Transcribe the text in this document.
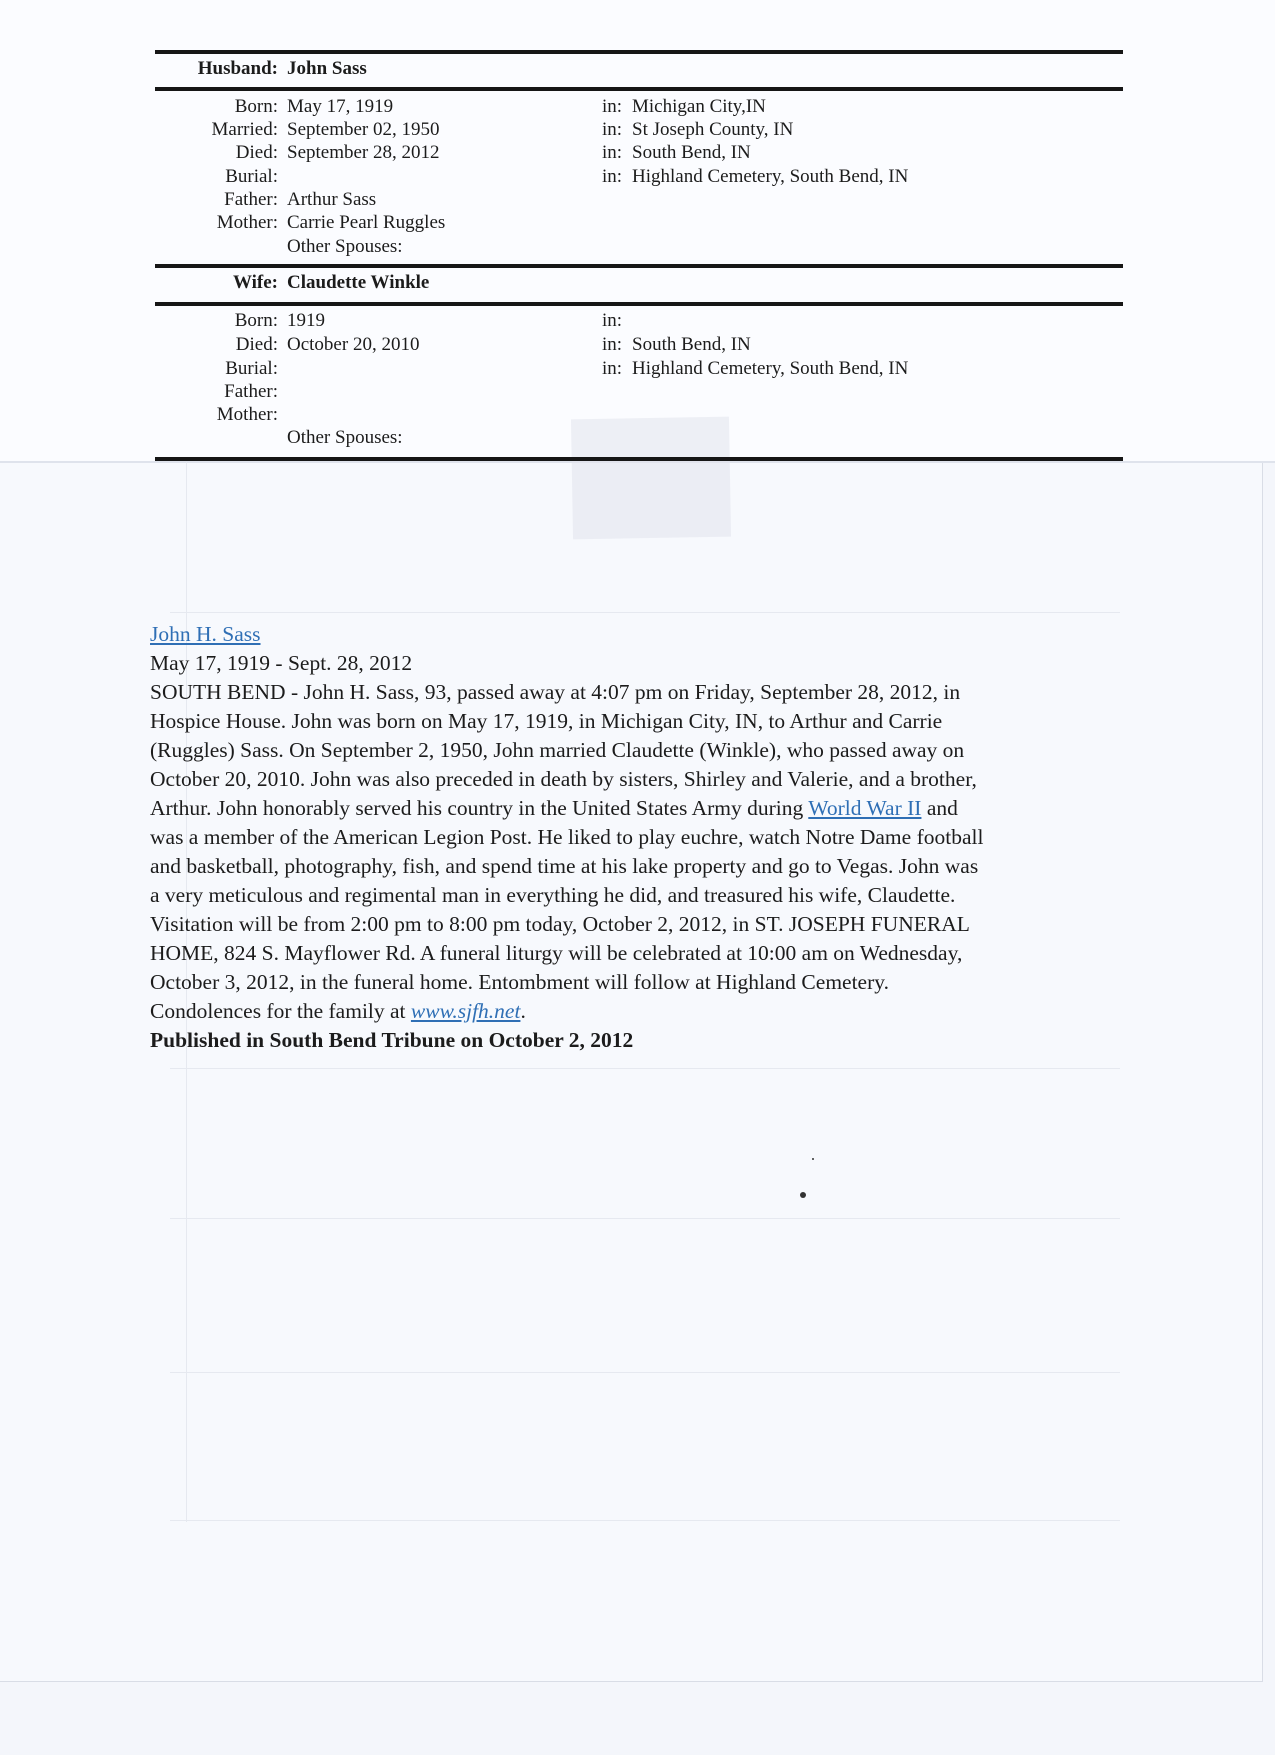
Husband: John Sass
Born: May 17, 1919	in: Michigan City,IN
Married: September 02, 1950	in: St Joseph County, IN
Died: September 28, 2012	in: South Bend, IN
Burial:	in: Highland Cemetery, South Bend, IN
Father: Arthur Sass
Mother: Carrie Pearl Ruggles
Other Spouses:
Wife: Claudette Winkle
Born: 1919	in:
Died: October 20, 2010	in: South Bend, IN
Burial:	in: Highland Cemetery, South Bend, IN
Father:
Mother:
Other Spouses:
John H. Sass
May 17, 1919 - Sept. 28, 2012
SOUTH BEND - John H. Sass, 93, passed away at 4:07 pm on Friday, September 28, 2012, in
Hospice House. John was born on May 17, 1919, in Michigan City, IN, to Arthur and Carrie
(Ruggles) Sass. On September 2, 1950, John married Claudette (Winkle), who passed away on
October 20, 2010. John was also preceded in death by sisters, Shirley and Valerie, and a brother,
Arthur. John honorably served his country in the United States Army during World War II and
was a member of the American Legion Post. He liked to play euchre, watch Notre Dame football
and basketball, photography, fish, and spend time at his lake property and go to Vegas. John was
a very meticulous and regimental man in everything he did, and treasured his wife, Claudette.
Visitation will be from 2:00 pm to 8:00 pm today, October 2, 2012, in ST. JOSEPH FUNERAL
HOME, 824 S. Mayflower Rd. A funeral liturgy will be celebrated at 10:00 am on Wednesday,
October 3, 2012, in the funeral home. Entombment will follow at Highland Cemetery.
Condolences for the family at www.sjfh.net.
Published in South Bend Tribune on October 2, 2012
